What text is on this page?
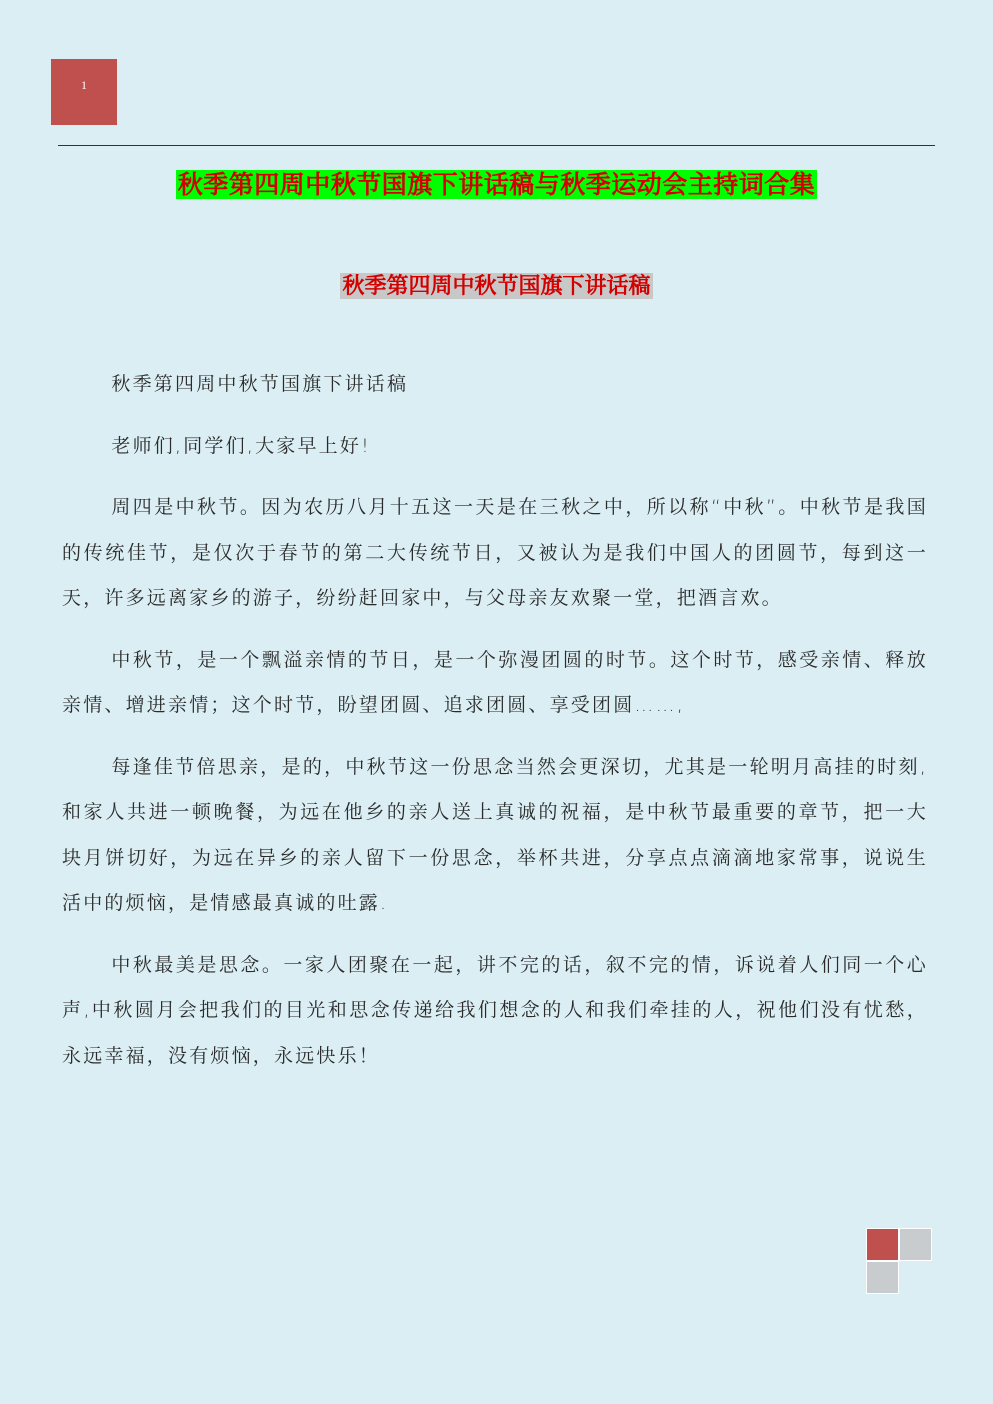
1
秋季第四周中秋节国旗下讲话稿与秋季运动会主持词合集
秋季第四周中秋节国旗下讲话稿

秋季第四周中秋节国旗下讲话稿

老师们,同学们,大家早上好!

周四是中秋节。因为农历八月十五这一天是在三秋之中，所以称“中秋”。中秋节是我国的传统佳节，是仅次于春节的第二大传统节日，又被认为是我们中国人的团圆节，每到这一天，许多远离家乡的游子，纷纷赶回家中，与父母亲友欢聚一堂，把酒言欢。

中秋节，是一个飘溢亲情的节日，是一个弥漫团圆的时节。这个时节，感受亲情、释放亲情、增进亲情；这个时节，盼望团圆、追求团圆、享受团圆……,

每逢佳节倍思亲，是的，中秋节这一份思念当然会更深切，尤其是一轮明月高挂的时刻,和家人共进一顿晚餐，为远在他乡的亲人送上真诚的祝福，是中秋节最重要的章节，把一大块月饼切好，为远在异乡的亲人留下一份思念，举杯共进，分享点点滴滴地家常事，说说生活中的烦恼，是情感最真诚的吐露.

中秋最美是思念。一家人团聚在一起，讲不完的话，叙不完的情，诉说着人们同一个心声,中秋圆月会把我们的目光和思念传递给我们想念的人和我们牵挂的人，祝他们没有忧愁，永远幸福，没有烦恼，永远快乐！
